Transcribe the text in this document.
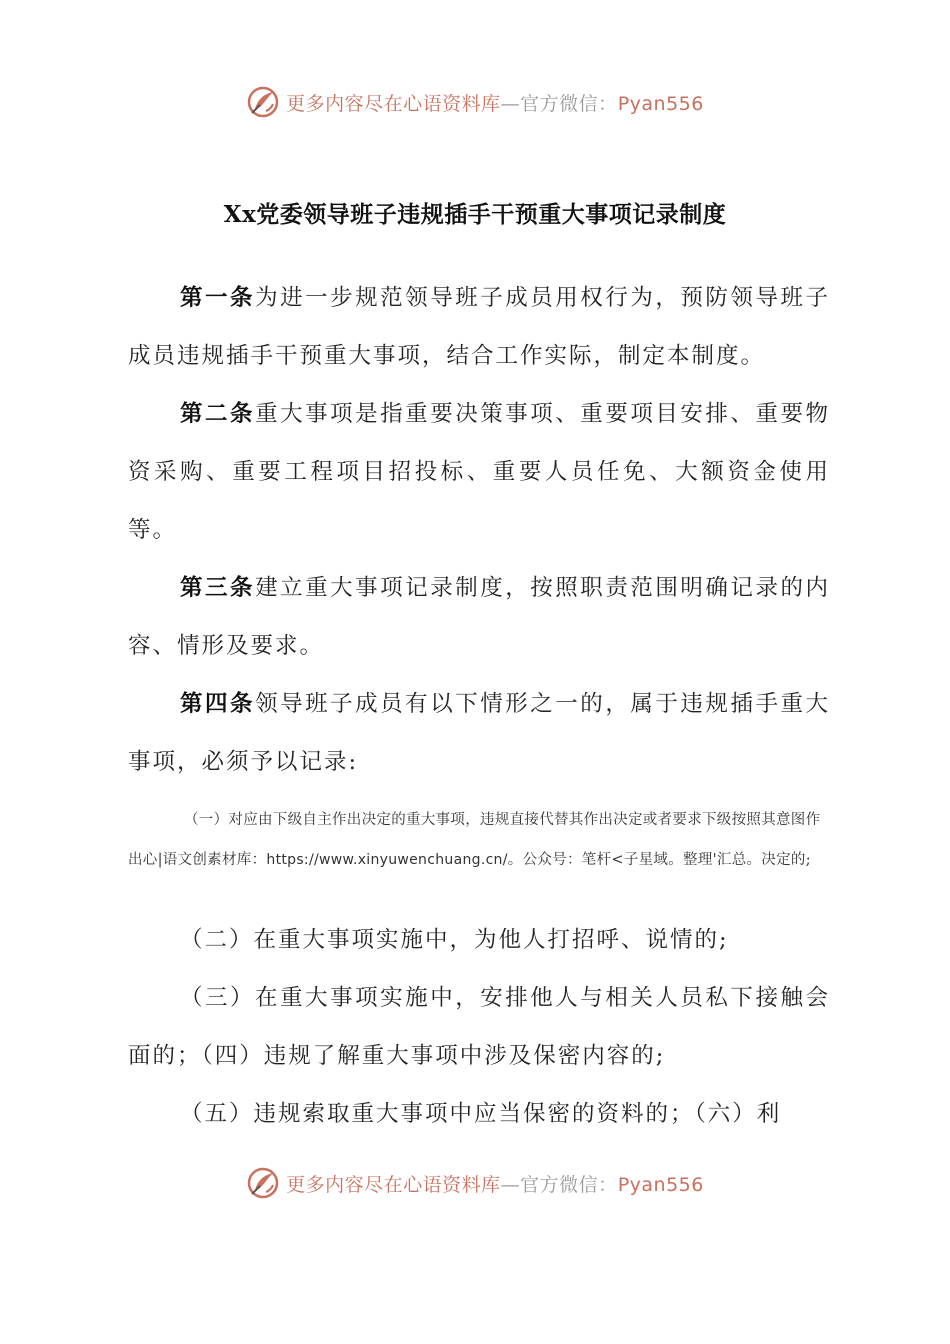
更多内容尽在心语资料库—官方微信：Pyan556
Xx党委领导班子违规插手干预重大事项记录制度
第一条为进一步规范领导班子成员用权行为，预防领导班子成员违规插手干预重大事项，结合工作实际，制定本制度。
第二条重大事项是指重要决策事项、重要项目安排、重要物资采购、重要工程项目招投标、重要人员任免、大额资金使用等。
第三条建立重大事项记录制度，按照职责范围明确记录的内容、情形及要求。
第四条领导班子成员有以下情形之一的，属于违规插手重大事项，必须予以记录:
（一）对应由下级自主作出决定的重大事项，违规直接代替其作出决定或者要求下级按照其意图作出心|语文创素材库：https://www.xinyuwenchuang.cn/。公众号：笔杆<子星域。整理'汇总。决定的;
（二）在重大事项实施中，为他人打招呼、说情的;
（三）在重大事项实施中，安排他人与相关人员私下接触会面的；（四）违规了解重大事项中涉及保密内容的;
（五）违规索取重大事项中应当保密的资料的；（六）利
更多内容尽在心语资料库—官方微信：Pyan556
